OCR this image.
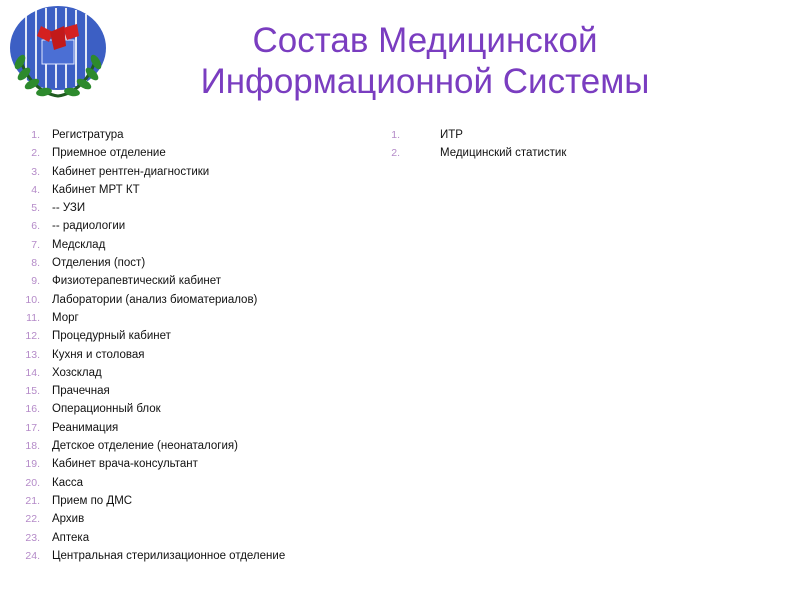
Состав Медицинской
Информационной Системы
1. Регистратура
2. Приемное отделение
3. Кабинет рентген-диагностики
4. Кабинет МРТ КТ
5. -- УЗИ
6. -- радиологии
7. Медсклад
8. Отделения (пост)
9. Физиотерапевтический кабинет
10. Лаборатории (анализ биоматериалов)
11. Морг
12. Процедурный кабинет
13. Кухня и столовая
14. Хозсклад
15. Прачечная
16. Операционный блок
17. Реанимация
18. Детское отделение (неонаталогия)
19. Кабинет врача-консультант
20. Касса
21. Прием по ДМС
22. Архив
23. Аптека
24. Центральная стерилизационное отделение
1.	ИТР
2.	Медицинский статистик
